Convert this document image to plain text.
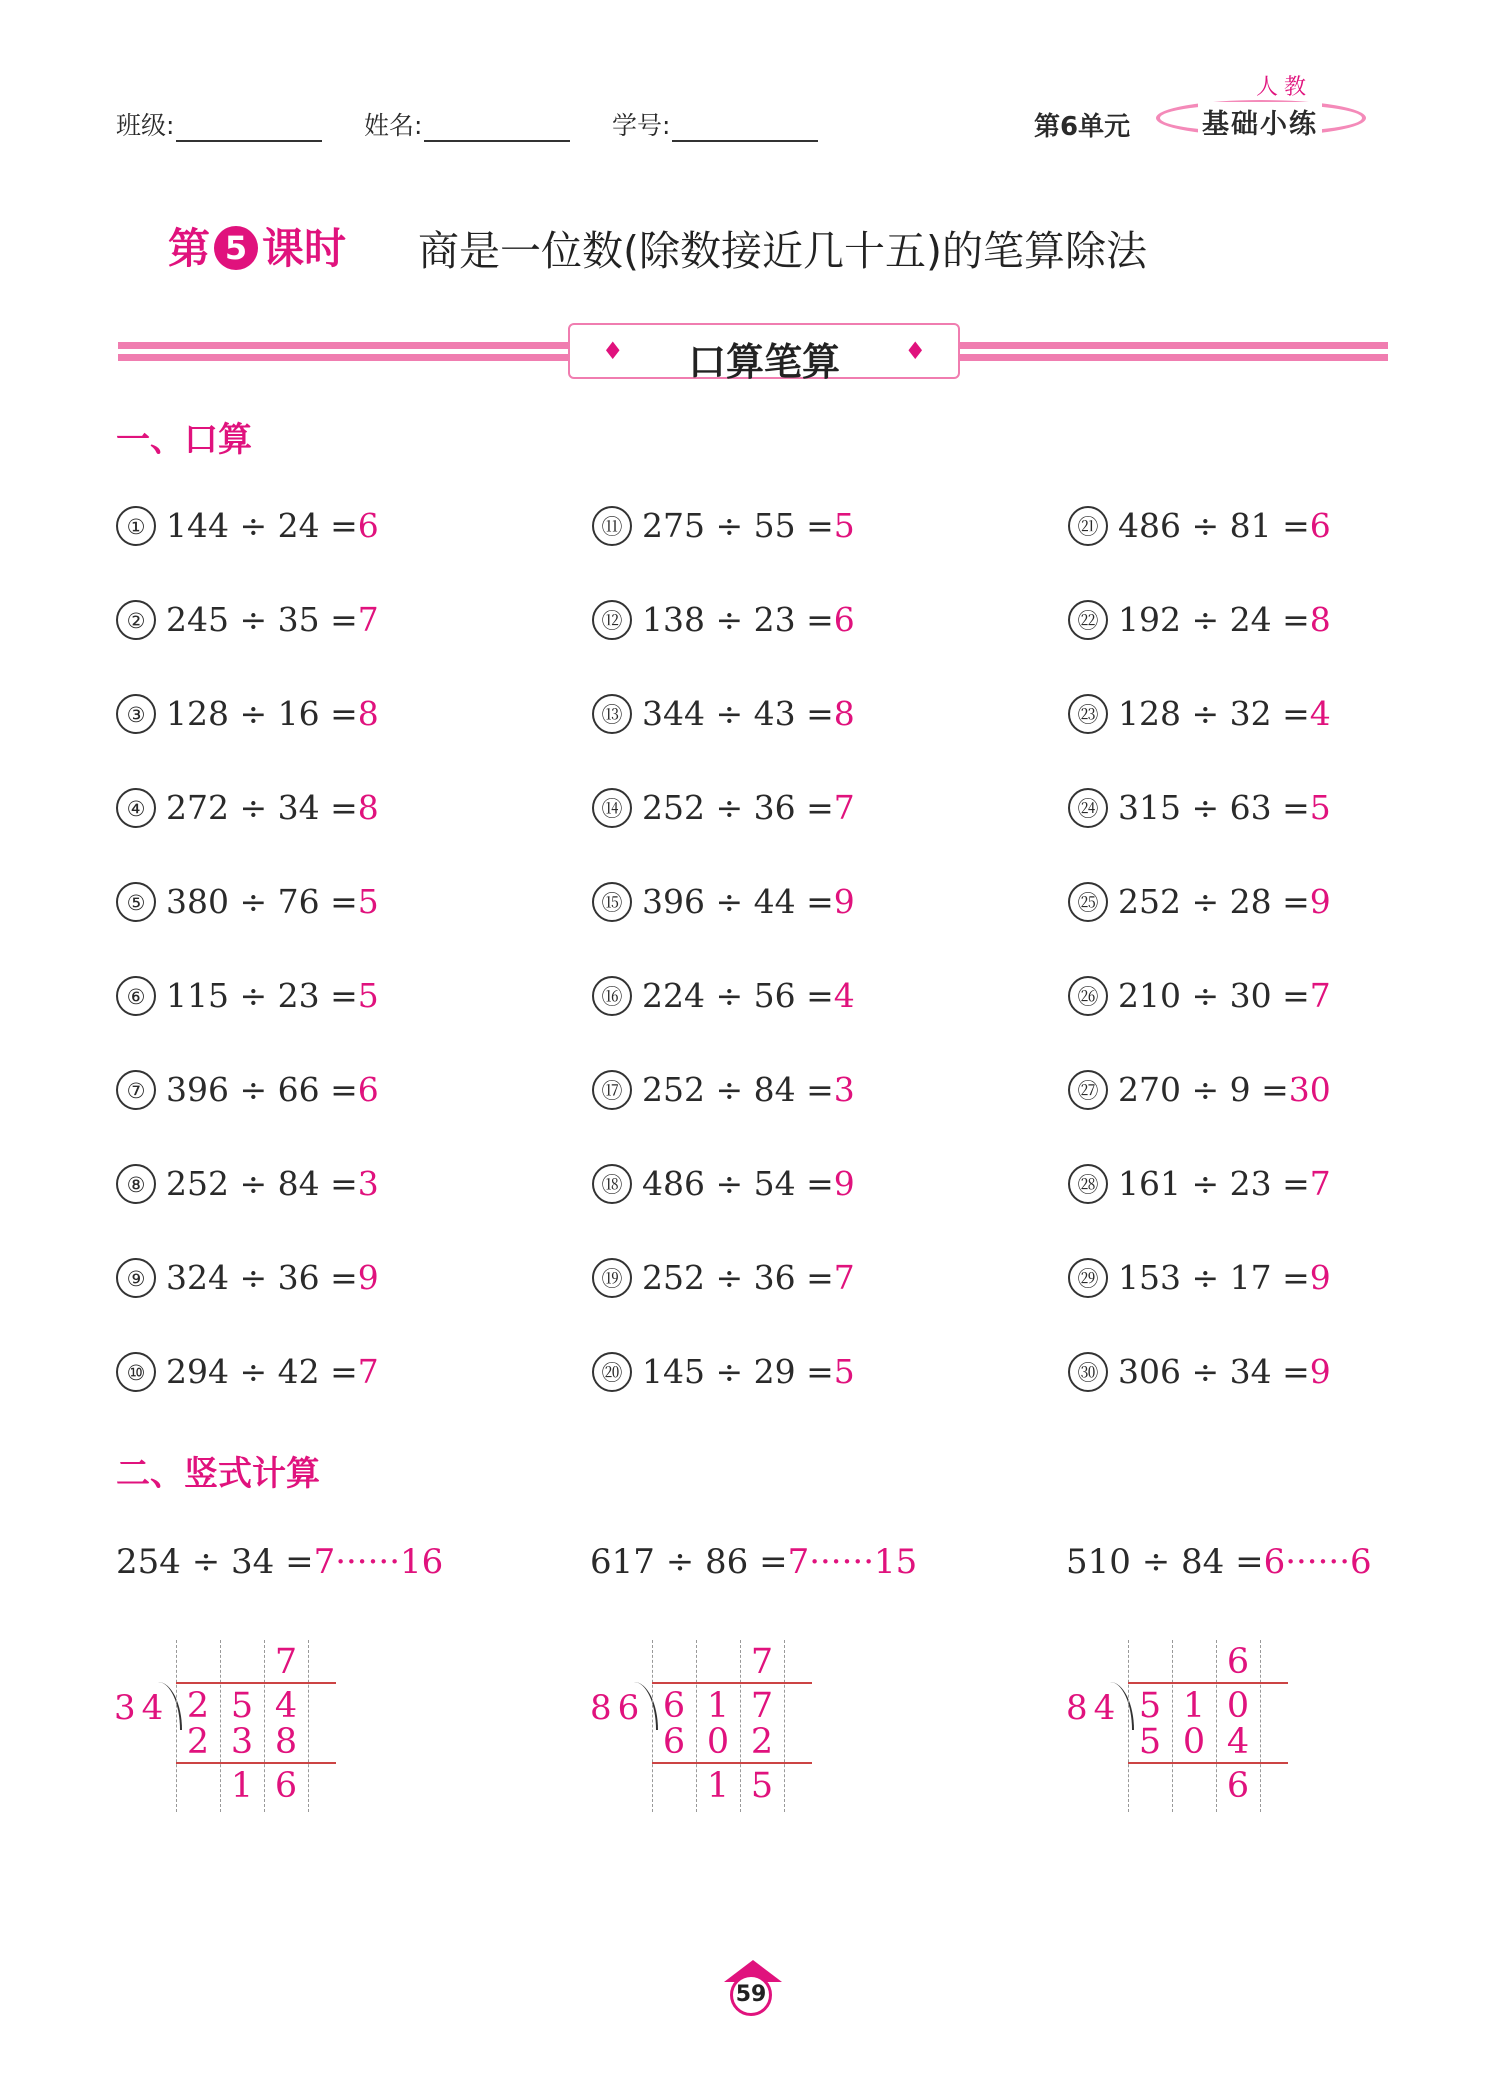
班级:	姓名:	学号:	第6单元
人教
基础小练
第 5 课时 商是一位数(除数接近几十五)的笔算除法
♦	口算笔算	♦
一、口算
① 144 ÷ 24 =6
② 245 ÷ 35 =7
③ 128 ÷ 16 =8
④ 272 ÷ 34 =8
⑤ 380 ÷ 76 =5
⑥ 115 ÷ 23 =5
⑦ 396 ÷ 66 =6
⑧ 252 ÷ 84 =3
⑨ 324 ÷ 36 =9
⑩ 294 ÷ 42 =7
⑪ 275 ÷ 55 =5
⑫ 138 ÷ 23 =6
⑬ 344 ÷ 43 =8
⑭ 252 ÷ 36 =7
⑮ 396 ÷ 44 =9
⑯ 224 ÷ 56 =4
⑰ 252 ÷ 84 =3
⑱ 486 ÷ 54 =9
⑲ 252 ÷ 36 =7
⑳ 145 ÷ 29 =5
㉑ 486 ÷ 81 =6
㉒ 192 ÷ 24 =8
㉓ 128 ÷ 32 =4
㉔ 315 ÷ 63 =5
㉕ 252 ÷ 28 =9
㉖ 210 ÷ 30 =7
㉗ 270 ÷ 9 =30
㉘ 161 ÷ 23 =7
㉙ 153 ÷ 17 =9
㉚ 306 ÷ 34 =9
二、竖式计算
254 ÷ 34 =7······16	617 ÷ 86 =7······15	510 ÷ 84 =6······6
34
7
2 5 4
2 3 8
1 6
86
7
6 1 7
6 0 2
1 5
84
6
5 1 0
5 0 4
6
59
